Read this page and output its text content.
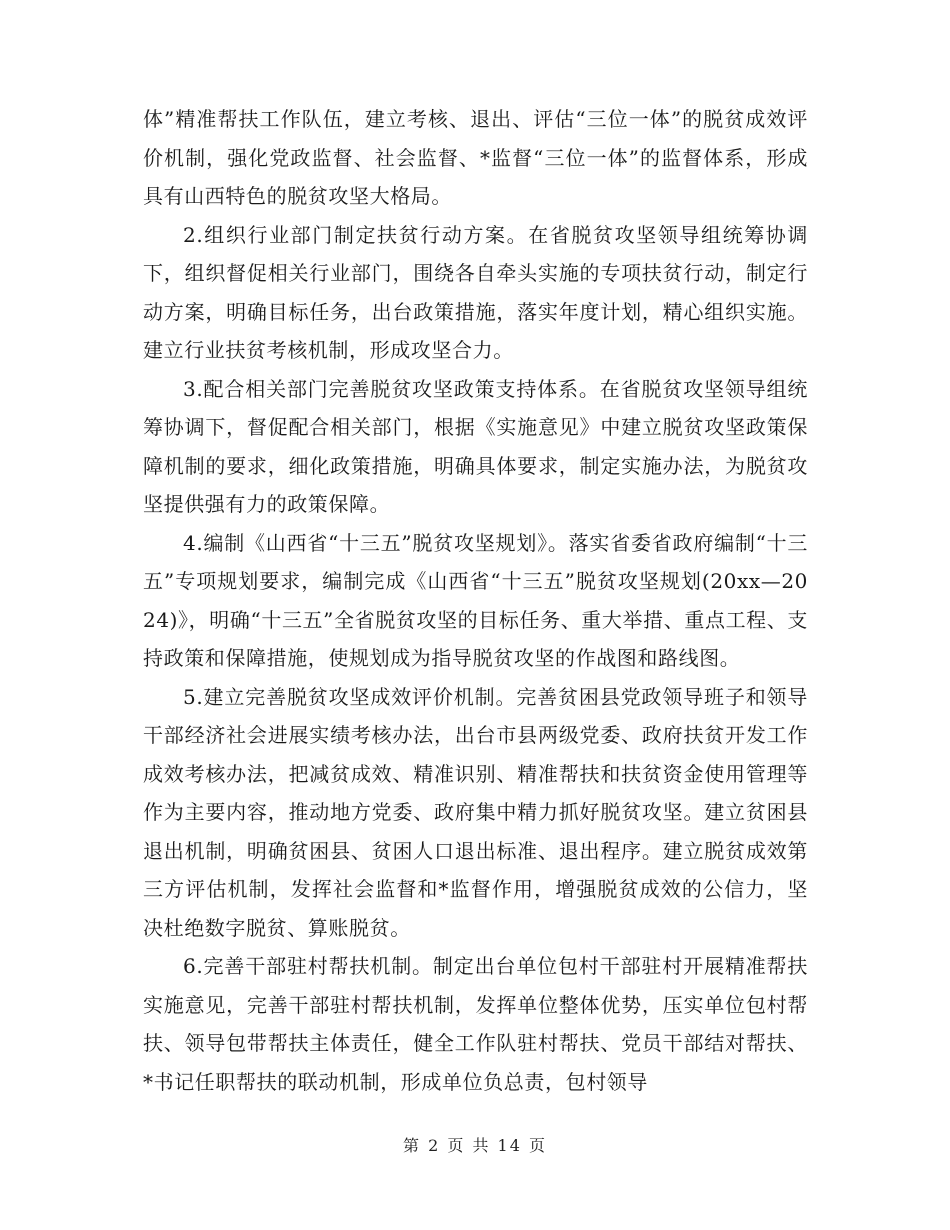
体”精准帮扶工作队伍，建立考核、退出、评估“三位一体”的脱贫成效评价机制，强化党政监督、社会监督、*监督“三位一体”的监督体系，形成具有山西特色的脱贫攻坚大格局。

2.组织行业部门制定扶贫行动方案。在省脱贫攻坚领导组统筹协调下，组织督促相关行业部门，围绕各自牵头实施的专项扶贫行动，制定行动方案，明确目标任务，出台政策措施，落实年度计划，精心组织实施。建立行业扶贫考核机制，形成攻坚合力。

3.配合相关部门完善脱贫攻坚政策支持体系。在省脱贫攻坚领导组统筹协调下，督促配合相关部门，根据《实施意见》中建立脱贫攻坚政策保障机制的要求，细化政策措施，明确具体要求，制定实施办法，为脱贫攻坚提供强有力的政策保障。

4.编制《山西省“十三五”脱贫攻坚规划》。落实省委省政府编制“十三五”专项规划要求，编制完成《山西省“十三五”脱贫攻坚规划(20xx—2024)》，明确“十三五”全省脱贫攻坚的目标任务、重大举措、重点工程、支持政策和保障措施，使规划成为指导脱贫攻坚的作战图和路线图。

5.建立完善脱贫攻坚成效评价机制。完善贫困县党政领导班子和领导干部经济社会进展实绩考核办法，出台市县两级党委、政府扶贫开发工作成效考核办法，把减贫成效、精准识别、精准帮扶和扶贫资金使用管理等作为主要内容，推动地方党委、政府集中精力抓好脱贫攻坚。建立贫困县退出机制，明确贫困县、贫困人口退出标准、退出程序。建立脱贫成效第三方评估机制，发挥社会监督和*监督作用，增强脱贫成效的公信力，坚决杜绝数字脱贫、算账脱贫。

6.完善干部驻村帮扶机制。制定出台单位包村干部驻村开展精准帮扶实施意见，完善干部驻村帮扶机制，发挥单位整体优势，压实单位包村帮扶、领导包带帮扶主体责任，健全工作队驻村帮扶、党员干部结对帮扶、*书记任职帮扶的联动机制，形成单位负总责，包村领导

第 2 页 共 14 页
